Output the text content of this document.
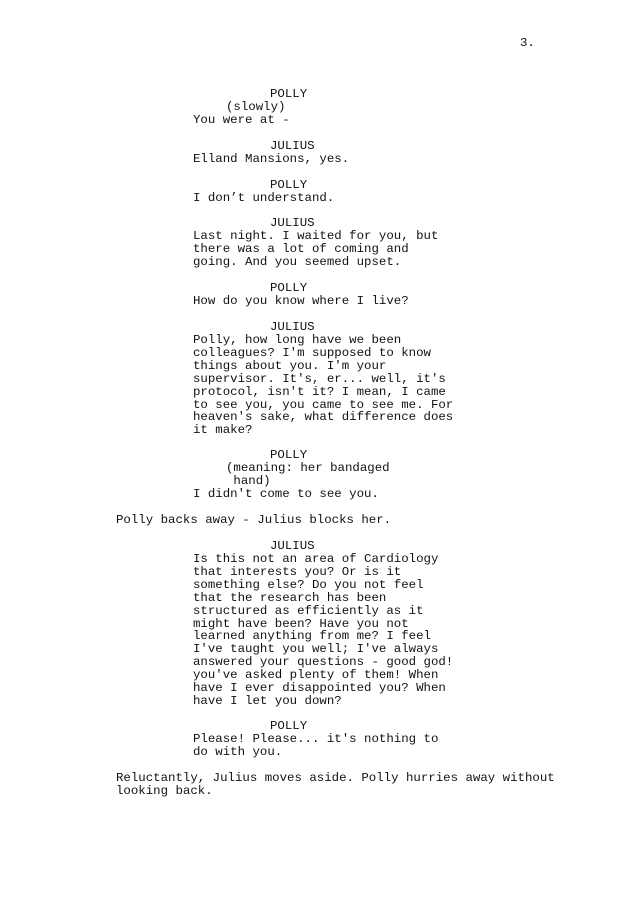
3.
POLLY
(slowly)
You were at -
JULIUS
Elland Mansions, yes.
POLLY
I don’t understand.
JULIUS
Last night. I waited for you, but
there was a lot of coming and
going. And you seemed upset.
POLLY
How do you know where I live?
JULIUS
Polly, how long have we been
colleagues? I'm supposed to know
things about you. I'm your
supervisor. It's, er... well, it's
protocol, isn't it? I mean, I came
to see you, you came to see me. For
heaven's sake, what difference does
it make?
POLLY
(meaning: her bandaged
hand)
I didn't come to see you.
Polly backs away - Julius blocks her.
JULIUS
Is this not an area of Cardiology
that interests you? Or is it
something else? Do you not feel
that the research has been
structured as efficiently as it
might have been? Have you not
learned anything from me? I feel
I've taught you well; I've always
answered your questions - good god!
you've asked plenty of them! When
have I ever disappointed you? When
have I let you down?
POLLY
Please! Please... it's nothing to
do with you.
Reluctantly, Julius moves aside. Polly hurries away without
looking back.
